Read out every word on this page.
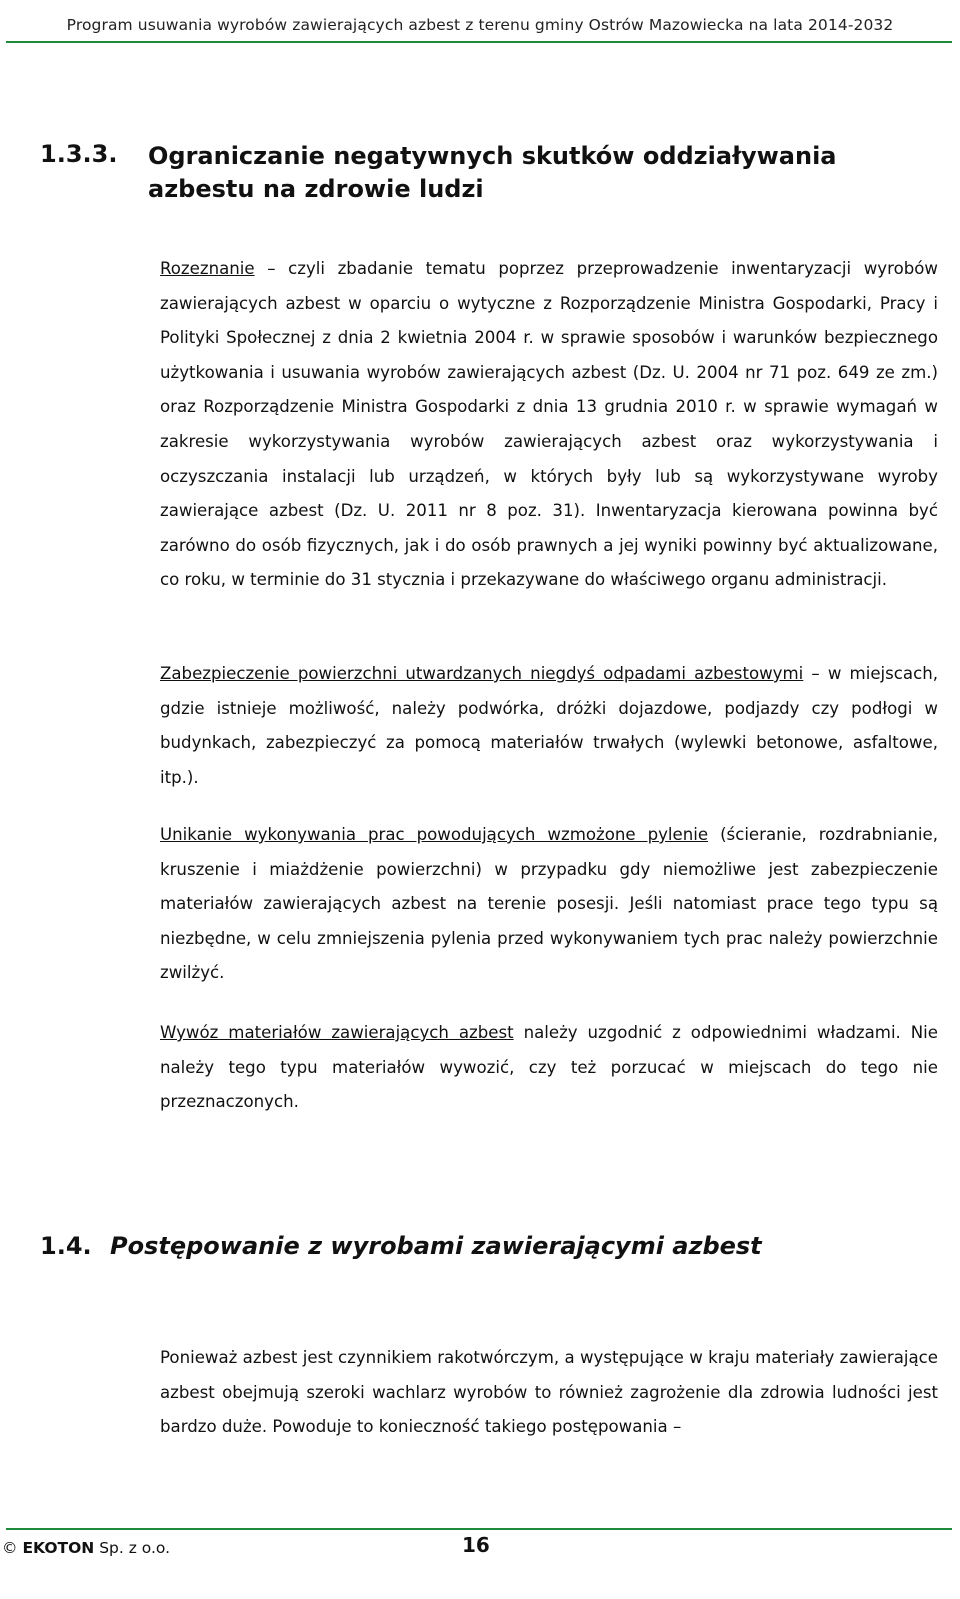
Program usuwania wyrobów zawierających azbest z terenu gminy Ostrów Mazowiecka na lata 2014-2032
1.3.3. Ograniczanie negatywnych skutków oddziaływania azbestu na zdrowie ludzi

Rozeznanie – czyli zbadanie tematu poprzez przeprowadzenie inwentaryzacji wyrobów zawierających azbest w oparciu o wytyczne z Rozporządzenie Ministra Gospodarki, Pracy i Polityki Społecznej z dnia 2 kwietnia 2004 r. w sprawie sposobów i warunków bezpiecznego użytkowania i usuwania wyrobów zawierających azbest (Dz. U. 2004 nr 71 poz. 649 ze zm.) oraz Rozporządzenie Ministra Gospodarki z dnia 13 grudnia 2010 r. w sprawie wymagań w zakresie wykorzystywania wyrobów zawierających azbest oraz wykorzystywania i oczyszczania instalacji lub urządzeń, w których były lub są wykorzystywane wyroby zawierające azbest (Dz. U. 2011 nr 8 poz. 31). Inwentaryzacja kierowana powinna być zarówno do osób fizycznych, jak i do osób prawnych a jej wyniki powinny być aktualizowane, co roku, w terminie do 31 stycznia i przekazywane do właściwego organu administracji.

Zabezpieczenie powierzchni utwardzanych niegdyś odpadami azbestowymi – w miejscach, gdzie istnieje możliwość, należy podwórka, dróżki dojazdowe, podjazdy czy podłogi w budynkach, zabezpieczyć za pomocą materiałów trwałych (wylewki betonowe, asfaltowe, itp.).

Unikanie wykonywania prac powodujących wzmożone pylenie (ścieranie, rozdrabnianie, kruszenie i miażdżenie powierzchni) w przypadku gdy niemożliwe jest zabezpieczenie materiałów zawierających azbest na terenie posesji. Jeśli natomiast prace tego typu są niezbędne, w celu zmniejszenia pylenia przed wykonywaniem tych prac należy powierzchnie zwilżyć.

Wywóz materiałów zawierających azbest należy uzgodnić z odpowiednimi władzami. Nie należy tego typu materiałów wywozić, czy też porzucać w miejscach do tego nie przeznaczonych.

1.4. Postępowanie z wyrobami zawierającymi azbest

Ponieważ azbest jest czynnikiem rakotwórczym, a występujące w kraju materiały zawierające azbest obejmują szeroki wachlarz wyrobów to również zagrożenie dla zdrowia ludności jest bardzo duże. Powoduje to konieczność takiego postępowania –

© EKOTON Sp. z o.o.	16
